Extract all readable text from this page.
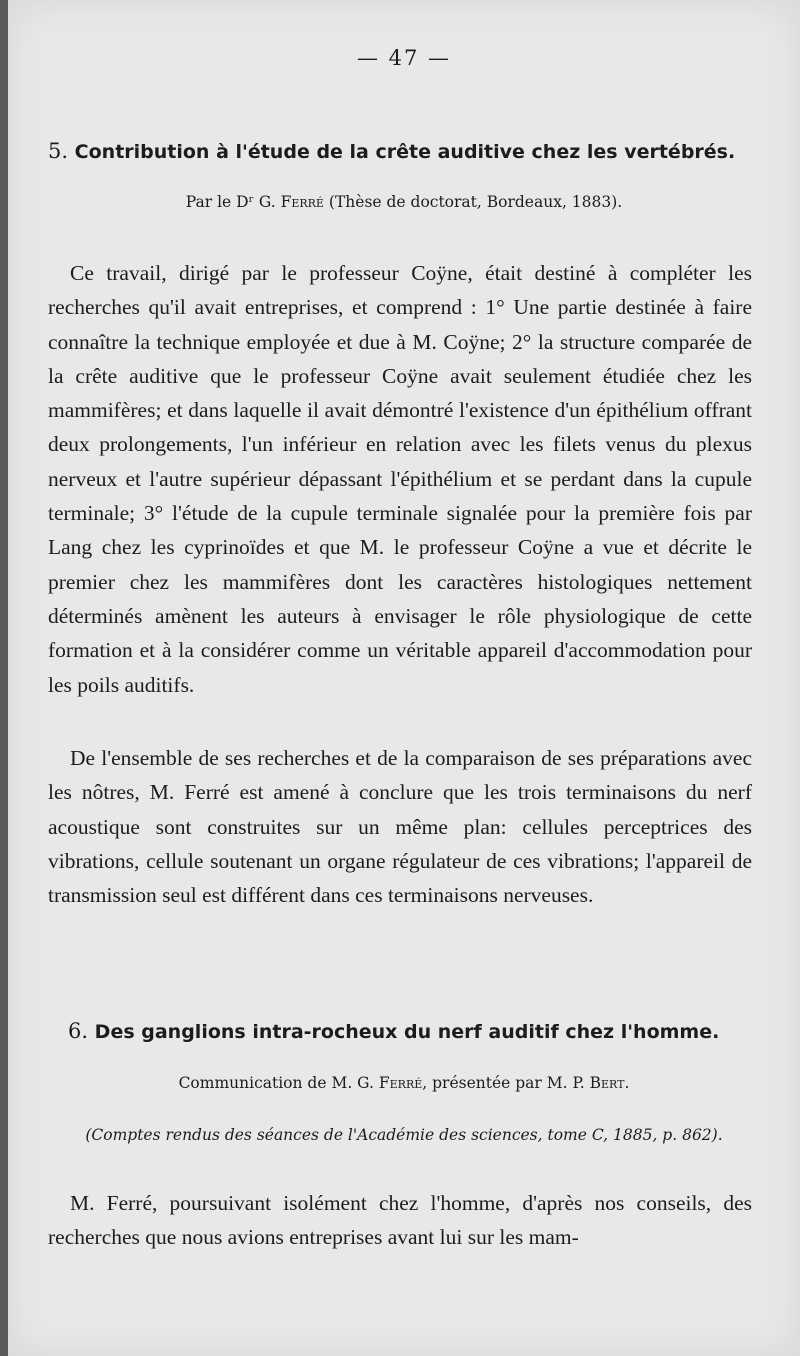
— 47 —
5. Contribution à l'étude de la crête auditive chez les vertébrés.
Par le Dʳ G. Ferré (Thèse de doctorat, Bordeaux, 1883).
Ce travail, dirigé par le professeur Coÿne, était destiné à compléter les recherches qu'il avait entreprises, et comprend : 1° Une partie destinée à faire connaître la technique employée et due à M. Coÿne; 2° la structure comparée de la crête auditive que le professeur Coÿne avait seulement étudiée chez les mammifères; et dans laquelle il avait démontré l'existence d'un épithélium offrant deux prolongements, l'un inférieur en relation avec les filets venus du plexus nerveux et l'autre supérieur dépassant l'épithélium et se perdant dans la cupule terminale; 3° l'étude de la cupule terminale signalée pour la première fois par Lang chez les cyprinoïdes et que M. le professeur Coÿne a vue et décrite le premier chez les mammifères dont les caractères histologiques nettement déterminés amènent les auteurs à envisager le rôle physiologique de cette formation et à la considérer comme un véritable appareil d'accommodation pour les poils auditifs.
De l'ensemble de ses recherches et de la comparaison de ses préparations avec les nôtres, M. Ferré est amené à conclure que les trois terminaisons du nerf acoustique sont construites sur un même plan: cellules perceptrices des vibrations, cellule soutenant un organe régulateur de ces vibrations; l'appareil de transmission seul est différent dans ces terminaisons nerveuses.
6. Des ganglions intra-rocheux du nerf auditif chez l'homme.
Communication de M. G. Ferré, présentée par M. P. Bert.
(Comptes rendus des séances de l'Académie des sciences, tome C, 1885, p. 862).
M. Ferré, poursuivant isolément chez l'homme, d'après nos conseils, des recherches que nous avions entreprises avant lui sur les mam-
